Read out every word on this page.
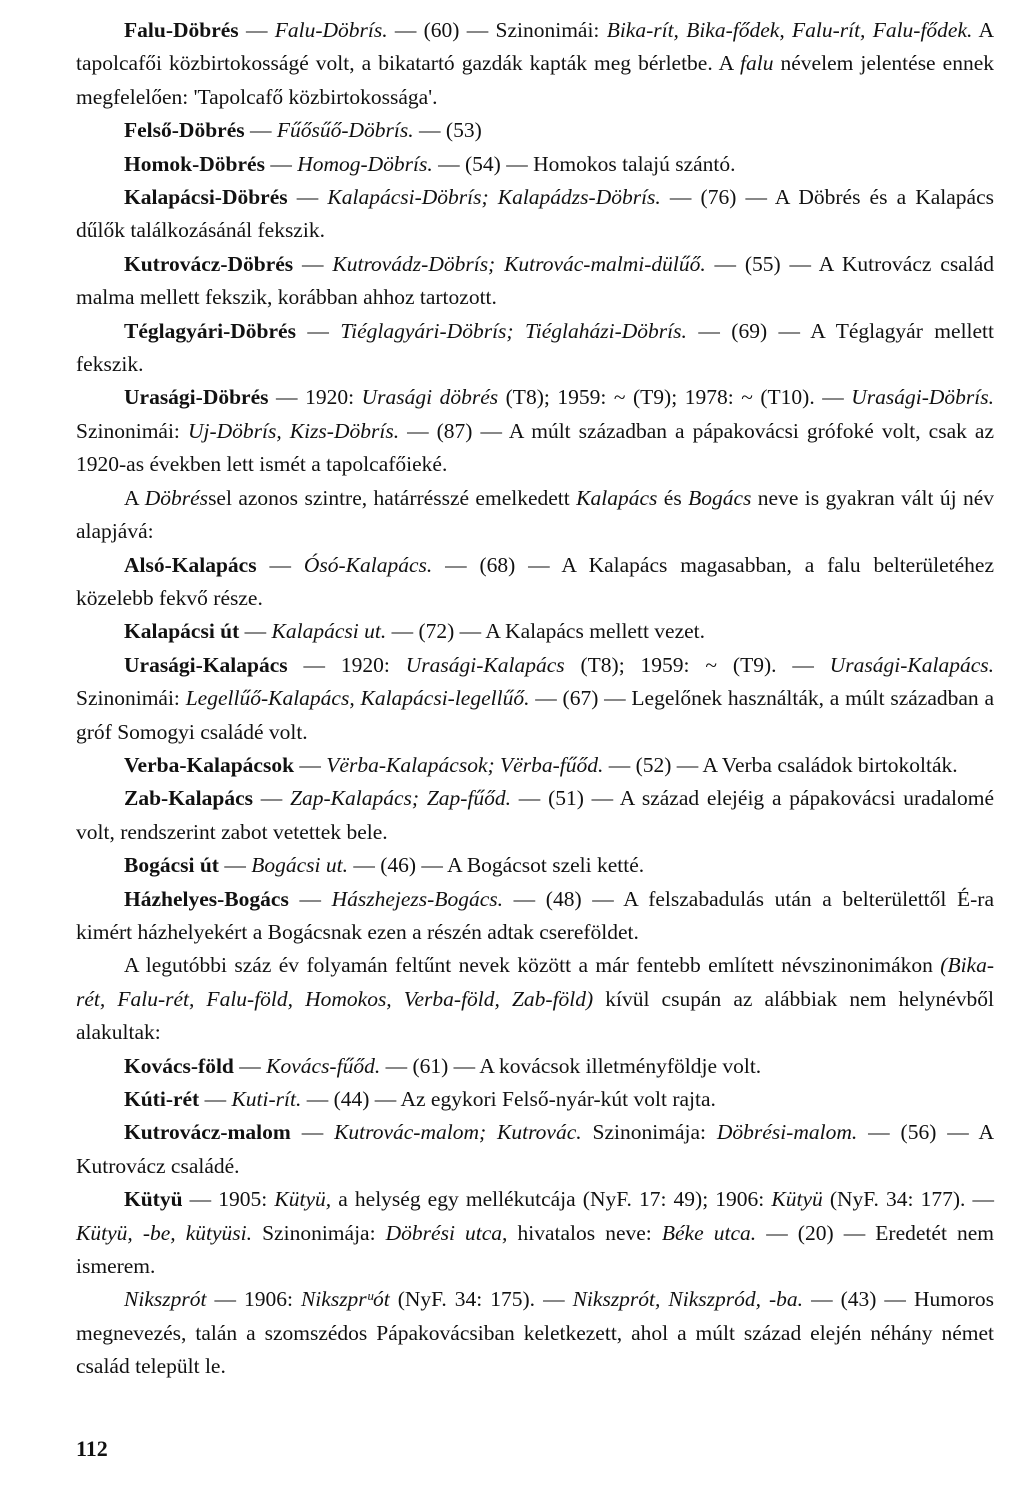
Falu-Döbrés — Falu-Döbrís. — (60) — Szinonimái: Bika-rít, Bika-fődek, Falu-rít, Falu-fődek. A tapolcafői közbirtokosságé volt, a bikatartó gazdák kapták meg bérletbe. A falu névelem jelentése ennek megfelelően: 'Tapolcafő közbirtokossága'.

Felső-Döbrés — Fűősűő-Döbrís. — (53)

Homok-Döbrés — Homog-Döbrís. — (54) — Homokos talajú szántó.

Kalapácsi-Döbrés — Kalapácsi-Döbrís; Kalapádzs-Döbrís. — (76) — A Döbrés és a Kalapács dűlők találkozásánál fekszik.

Kutrovácz-Döbrés — Kutrovádz-Döbrís; Kutrovác-malmi-dülűő. — (55) — A Kutrovácz család malma mellett fekszik, korábban ahhoz tartozott.

Téglagyári-Döbrés — Tiéglagyári-Döbrís; Tiéglaházi-Döbrís. — (69) — A Téglagyár mellett fekszik.

Urasági-Döbrés — 1920: Urasági döbrés (T8); 1959: ~ (T9); 1978: ~ (T10). — Urasági-Döbrís. Szinonimái: Uj-Döbrís, Kizs-Döbrís. — (87) — A múlt században a pápakovácsi grófoké volt, csak az 1920-as években lett ismét a tapolcafőieké.

A Döbréssel azonos szintre, határrésszé emelkedett Kalapács és Bogács neve is gyakran vált új név alapjává:

Alsó-Kalapács — Ósó-Kalapács. — (68) — A Kalapács magasabban, a falu belterületéhez közelebb fekvő része.

Kalapácsi út — Kalapácsi ut. — (72) — A Kalapács mellett vezet.

Urasági-Kalapács — 1920: Urasági-Kalapács (T8); 1959: ~ (T9). — Urasági-Kalapács. Szinonimái: Legellűő-Kalapács, Kalapácsi-legellűő. — (67) — Legelőnek használták, a múlt században a gróf Somogyi családé volt.

Verba-Kalapácsok — Vërba-Kalapácsok; Vërba-fűőd. — (52) — A Verba családok birtokolták.

Zab-Kalapács — Zap-Kalapács; Zap-fűőd. — (51) — A század elejéig a pápakovácsi uradalomé volt, rendszerint zabot vetettek bele.

Bogácsi út — Bogácsi ut. — (46) — A Bogácsot szeli ketté.

Házhelyes-Bogács — Hászhejezs-Bogács. — (48) — A felszabadulás után a belterülettől É-ra kimért házhelyekért a Bogácsnak ezen a részén adtak csereföldet.

A legutóbbi száz év folyamán feltűnt nevek között a már fentebb említett névszinonimákon (Bika-rét, Falu-rét, Falu-föld, Homokos, Verba-föld, Zab-föld) kívül csupán az alábbiak nem helynévből alakultak:

Kovács-föld — Kovács-fűőd. — (61) — A kovácsok illetményföldje volt.

Kúti-rét — Kuti-rít. — (44) — Az egykori Felső-nyár-kút volt rajta.

Kutrovácz-malom — Kutrovác-malom; Kutrovác. Szinonimája: Döbrési-malom. — (56) — A Kutrovácz családé.

Kütyü — 1905: Kütyü, a helység egy mellékutcája (NyF. 17: 49); 1906: Kütyü (NyF. 34: 177). — Kütyü, -be, kütyüsi. Szinonimája: Döbrési utca, hivatalos neve: Béke utca. — (20) — Eredetét nem ismerem.

Nikszprót — 1906: Nikszprᵘót (NyF. 34: 175). — Nikszprót, Nikszpród, -ba. — (43) — Humoros megnevezés, talán a szomszédos Pápakovácsiban keletkezett, ahol a múlt század elején néhány német család települt le.

112
